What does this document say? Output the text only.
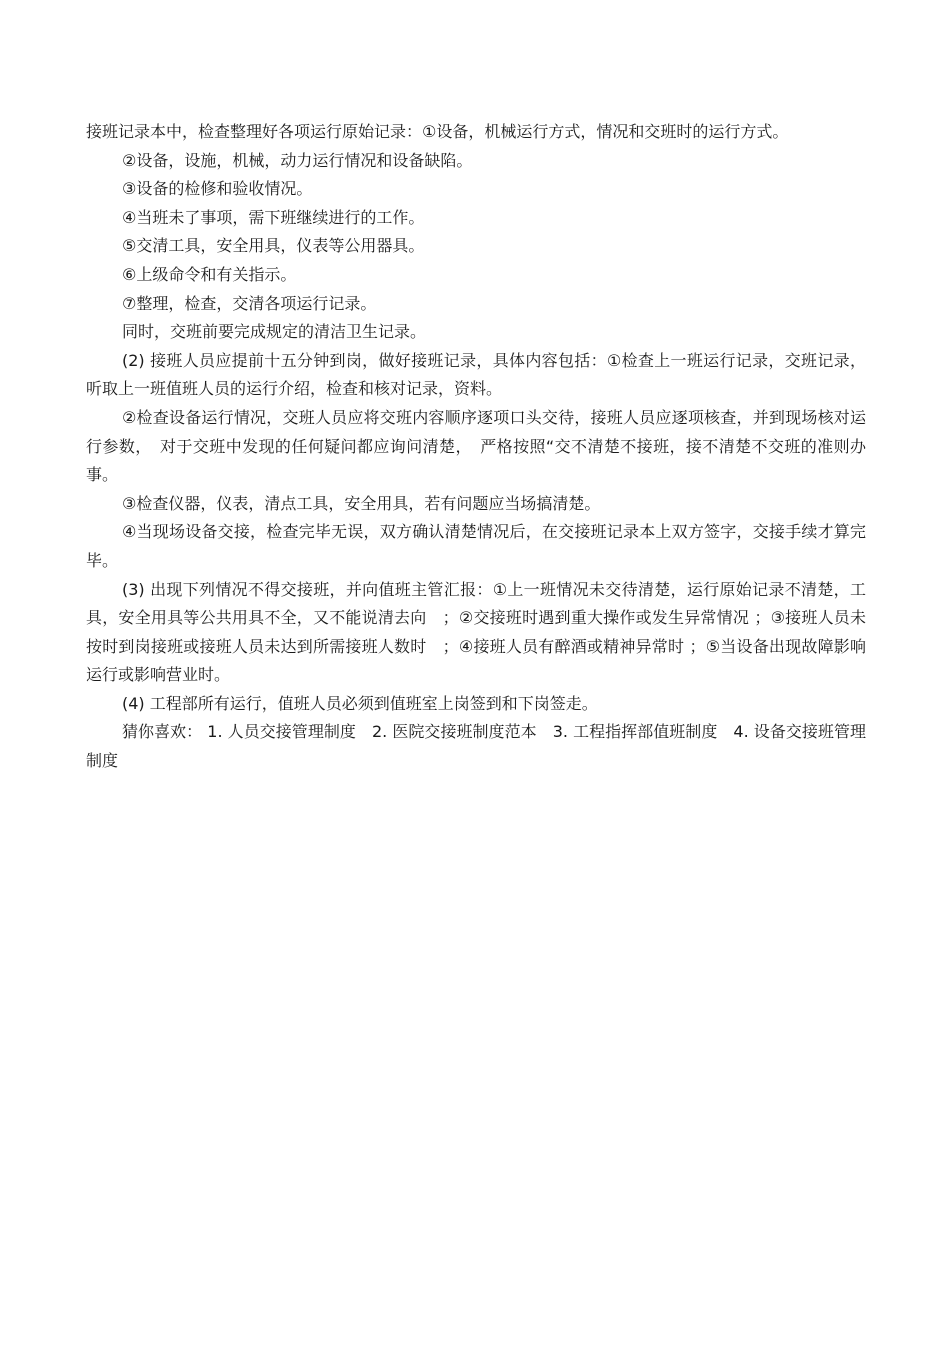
接班记录本中，检查整理好各项运行原始记录：①设备，机械运行方式，情况和交班时的运行方式。

②设备，设施，机械，动力运行情况和设备缺陷。

③设备的检修和验收情况。

④当班未了事项，需下班继续进行的工作。

⑤交清工具，安全用具，仪表等公用器具。

⑥上级命令和有关指示。

⑦整理，检查，交清各项运行记录。

同时，交班前要完成规定的清洁卫生记录。

(2) 接班人员应提前十五分钟到岗，做好接班记录，具体内容包括：①检查上一班运行记录，交班记录，听取上一班值班人员的运行介绍，检查和核对记录，资料。

②检查设备运行情况，交班人员应将交班内容顺序逐项口头交待，接班人员应逐项核查，并到现场核对运行参数，　对于交班中发现的任何疑问都应询问清楚，　严格按照“交不清楚不接班，接不清楚不交班的准则办事。

③检查仪器，仪表，清点工具，安全用具，若有问题应当场搞清楚。

④当现场设备交接，检查完毕无误，双方确认清楚情况后，在交接班记录本上双方签字，交接手续才算完毕。

(3) 出现下列情况不得交接班，并向值班主管汇报：①上一班情况未交待清楚，运行原始记录不清楚，工具，安全用具等公共用具不全，又不能说清去向　；②交接班时遇到重大操作或发生异常情况 ；③接班人员未按时到岗接班或接班人员未达到所需接班人数时　；④接班人员有醉酒或精神异常时 ；⑤当设备出现故障影响运行或影响营业时。

(4) 工程部所有运行，值班人员必须到值班室上岗签到和下岗签走。

猜你喜欢： 1. 人员交接管理制度　2. 医院交接班制度范本　3. 工程指挥部值班制度　4. 设备交接班管理制度
